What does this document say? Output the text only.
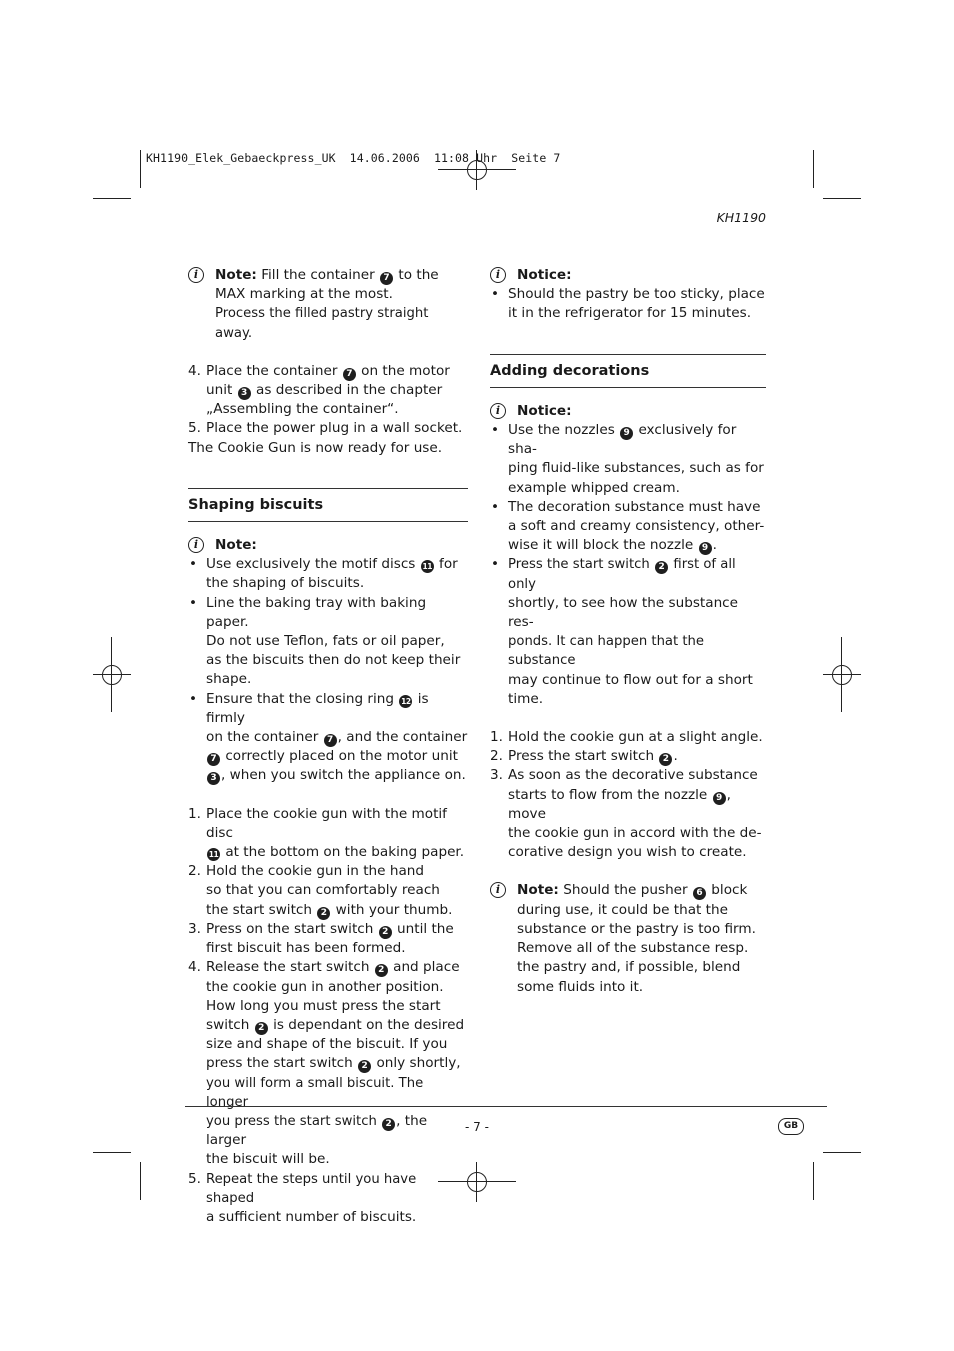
KH1190_Elek_Gebaeckpress_UK  14.06.2006  11:08 Uhr  Seite 7
KH1190
i	Note: Fill the container 7 to the
MAX marking at the most.
Process the filled pastry straight away.
4. Place the container 7 on the motor
unit 3 as described in the chapter
„Assembling the container“.
5. Place the power plug in a wall socket.
The Cookie Gun is now ready for use.
Shaping biscuits
i	Note:
• Use exclusively the motif discs 11 for
the shaping of biscuits.
• Line the baking tray with baking paper.
Do not use Teflon, fats or oil paper,
as the biscuits then do not keep their
shape.
• Ensure that the closing ring 12 is firmly
on the container 7 , and the container
7 correctly placed on the motor unit
3 , when you switch the appliance on.
1. Place the cookie gun with the motif disc
11 at the bottom on the baking paper.
2. Hold the cookie gun in the hand
so that you can comfortably reach
the start switch 2 with your thumb.
3. Press on the start switch 2 until the
first biscuit has been formed.
4. Release the start switch 2 and place
the cookie gun in another position.
How long you must press the start
switch 2 is dependant on the desired
size and shape of the biscuit. If you
press the start switch 2 only shortly,
you will form a small biscuit. The longer
you press the start switch 2 , the larger
the biscuit will be.
5. Repeat the steps until you have shaped
a sufficient number of biscuits.
i	Notice:
• Should the pastry be too sticky, place
it in the refrigerator for 15 minutes.
Adding decorations
i	Notice:
• Use the nozzles 9 exclusively for sha-
ping fluid-like substances, such as for
example whipped cream.
• The decoration substance must have
a soft and creamy consistency, other-
wise it will block the nozzle 9 .
• Press the start switch 2 first of all only
shortly, to see how the substance res-
ponds. It can happen that the substance
may continue to flow out for a short
time.
1. Hold the cookie gun at a slight angle.
2. Press the start switch 2 .
3. As soon as the decorative substance
starts to flow from the nozzle 9 , move
the cookie gun in accord with the de-
corative design you wish to create.
i	Note: Should the pusher 6 block
during use, it could be that the
substance or the pastry is too firm.
Remove all of the substance resp.
the pastry and, if possible, blend
some fluids into it.
- 7 -	GB
